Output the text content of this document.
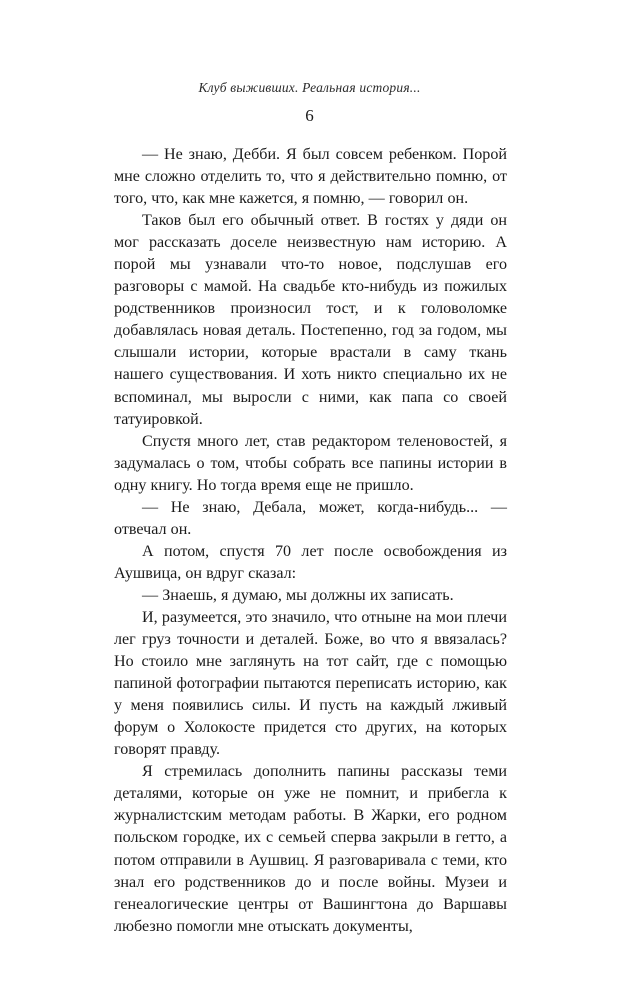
Клуб выживших. Реальная история...
6

— Не знаю, Дебби. Я был совсем ребенком. Порой мне сложно отделить то, что я действительно помню, от того, что, как мне кажется, я помню, — говорил он.

Таков был его обычный ответ. В гостях у дяди он мог рассказать доселе неизвестную нам историю. А порой мы узнавали что-то новое, подслушав его разговоры с мамой. На свадьбе кто-нибудь из пожилых родственников произносил тост, и к головоломке добавлялась новая деталь. Постепенно, год за годом, мы слышали истории, которые врастали в саму ткань нашего существования. И хоть никто специально их не вспоминал, мы выросли с ними, как папа со своей татуировкой.

Спустя много лет, став редактором теленовостей, я задумалась о том, чтобы собрать все папины истории в одну книгу. Но тогда время еще не пришло.

— Не знаю, Дебала, может, когда-нибудь... — отвечал он.

А потом, спустя 70 лет после освобождения из Аушвица, он вдруг сказал:

— Знаешь, я думаю, мы должны их записать.

И, разумеется, это значило, что отныне на мои плечи лег груз точности и деталей. Боже, во что я ввязалась? Но стоило мне заглянуть на тот сайт, где с помощью папиной фотографии пытаются переписать историю, как у меня появились силы. И пусть на каждый лживый форум о Холокосте придется сто других, на которых говорят правду.

Я стремилась дополнить папины рассказы теми деталями, которые он уже не помнит, и прибегла к журналистским методам работы. В Жарки, его родном польском городке, их с семьей сперва закрыли в гетто, а потом отправили в Аушвиц. Я разговаривала с теми, кто знал его родственников до и после войны. Музеи и генеалогические центры от Вашингтона до Варшавы любезно помогли мне отыскать документы,
